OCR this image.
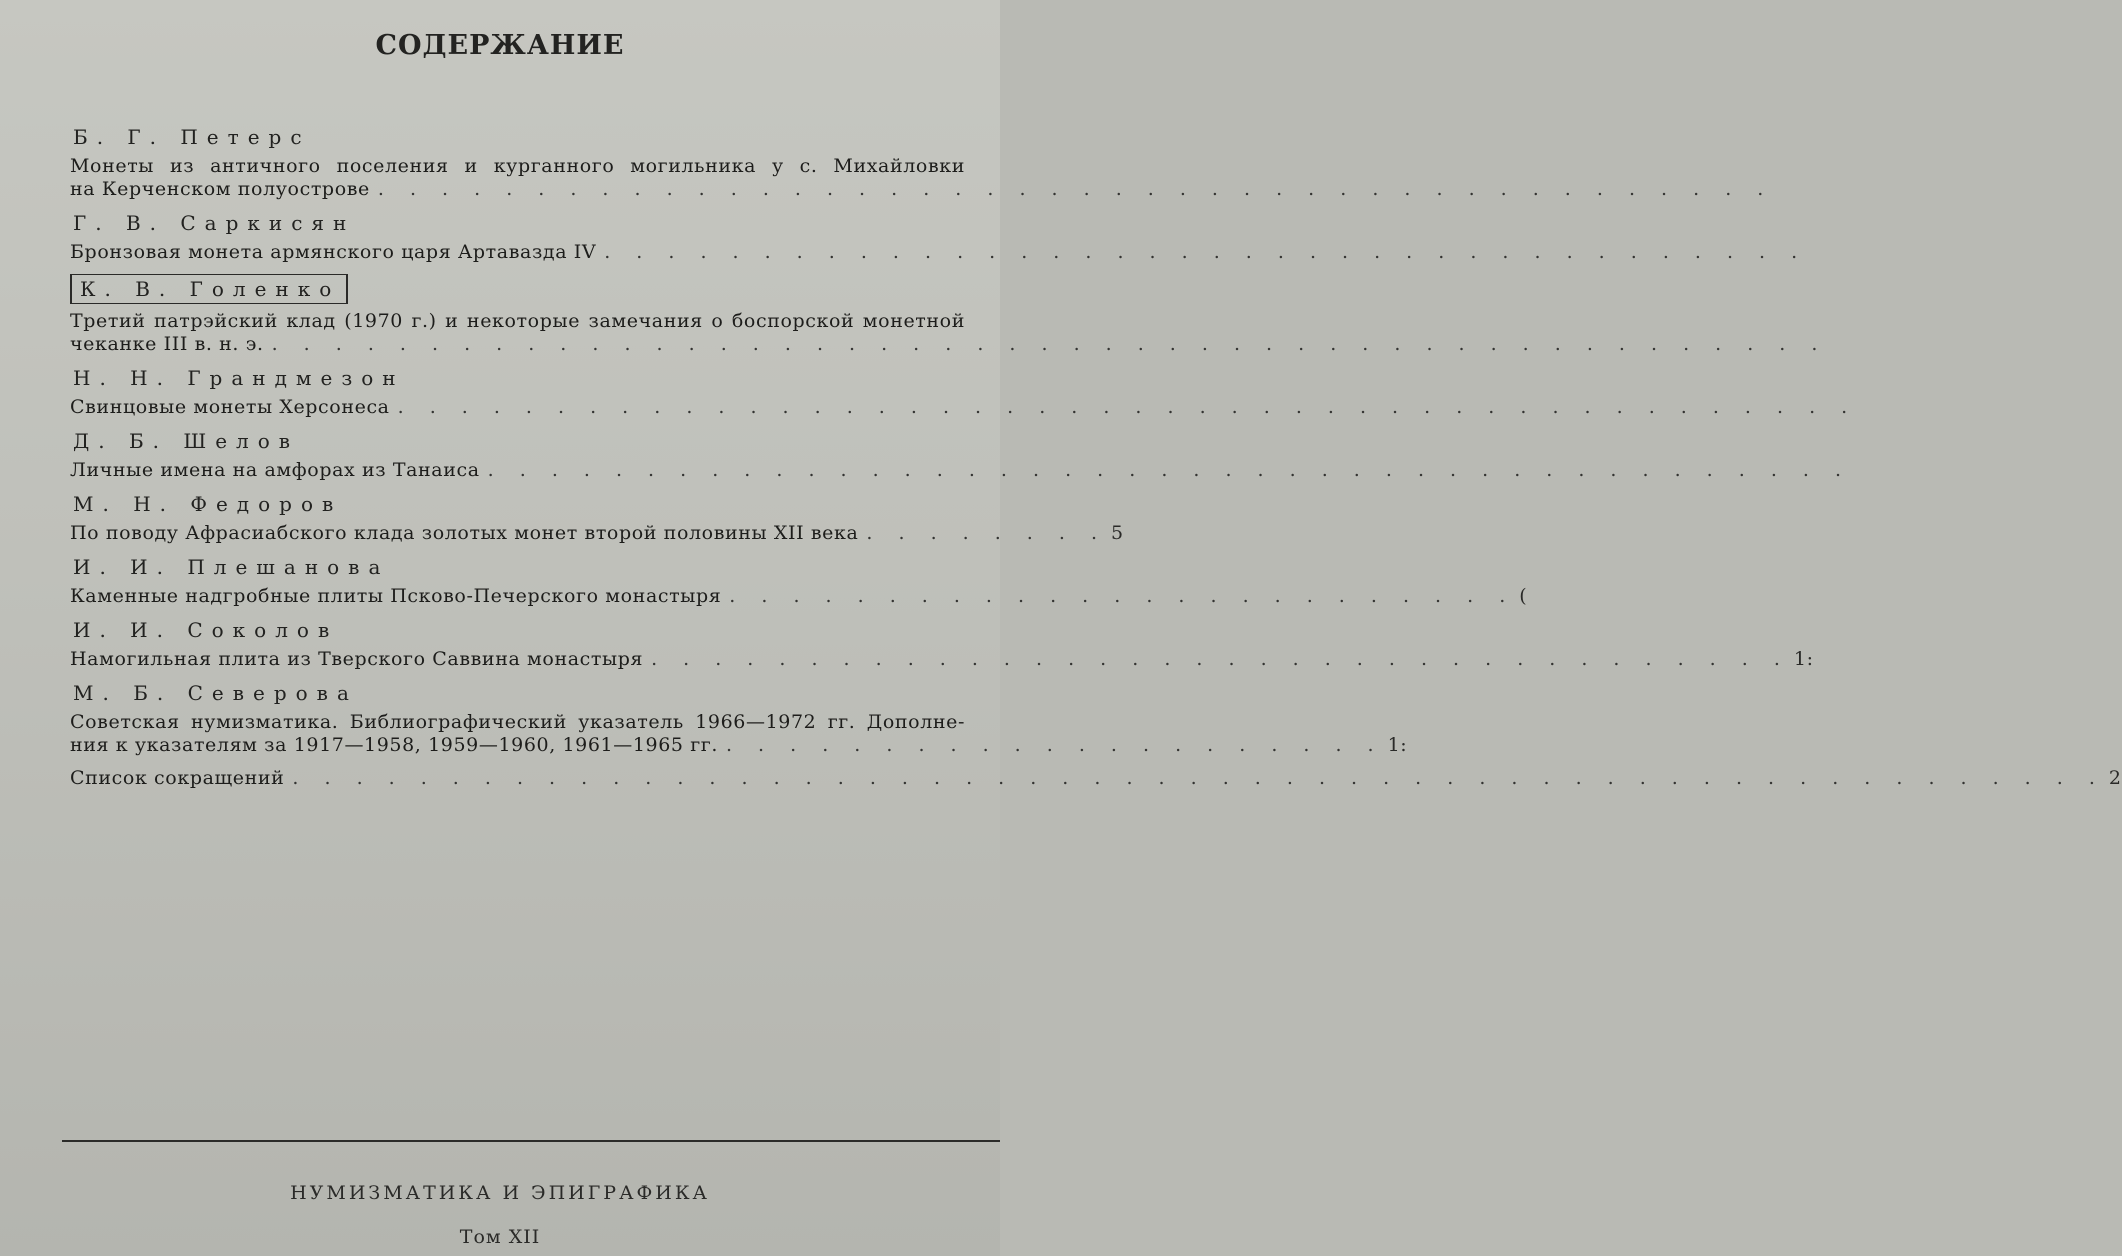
СОДЕРЖАНИЕ
Б. Г. Петерс
Монеты из античного поселения и курганного могильника у с. Михайловки
на Керченском полуострове . . . . . . . . . . . . . . . . . . . . . . . . . . . . . . . . . . . . . . . . . . . .
Г. В. Саркисян
Бронзовая монета армянского царя Артавазда IV . . . . . . . . . . . . . . . . . . . . . . . . . . . . . . . . . . . . . .
К. В. Голенко
Третий патрэйский клад (1970 г.) и некоторые замечания о боспорской монетной
чеканке III в. н. э. . . . . . . . . . . . . . . . . . . . . . . . . . . . . . . . . . . . . . . . . . . . . . . . . .
Н. Н. Грандмезон
Свинцовые монеты Херсонеса . . . . . . . . . . . . . . . . . . . . . . . . . . . . . . . . . . . . . . . . . . . . . .
Д. Б. Шелов
Личные имена на амфорах из Танаиса . . . . . . . . . . . . . . . . . . . . . . . . . . . . . . . . . . . . . . . . . . .
М. Н. Федоров
По поводу Афрасиабского клада золотых монет второй половины XII века . . . . . . . . 5
И. И. Плешанова
Каменные надгробные плиты Псково-Печерского монастыря . . . . . . . . . . . . . . . . . . . . . . . . . (
И. И. Соколов
Намогильная плита из Тверского Саввина монастыря . . . . . . . . . . . . . . . . . . . . . . . . . . . . . . . . . . . . 1:
М. Б. Северова
Советская нумизматика. Библиографический указатель 1966—1972 гг. Дополне-
ния к указателям за 1917—1958, 1959—1960, 1961—1965 гг. . . . . . . . . . . . . . . . . . . . . . 1:
Список сокращений . . . . . . . . . . . . . . . . . . . . . . . . . . . . . . . . . . . . . . . . . . . . . . . . . . . . . . . . . 2
НУМИЗМАТИКА И ЭПИГРАФИКА
Том XII
